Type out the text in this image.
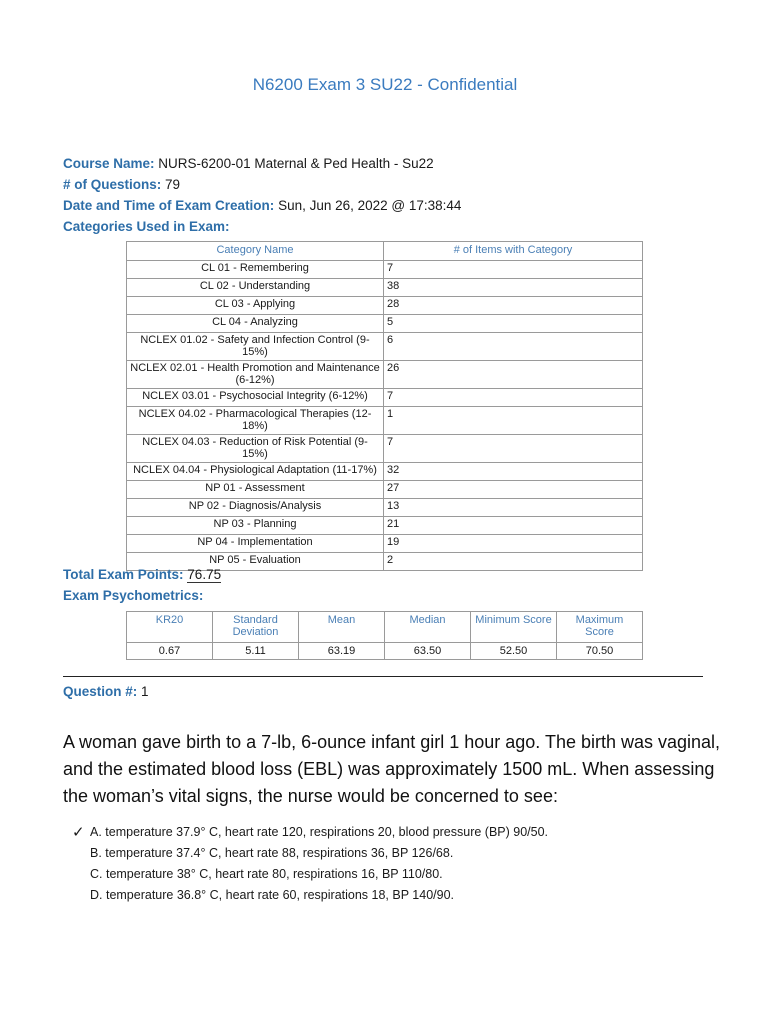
N6200 Exam 3 SU22 - Confidential
Course Name: NURS-6200-01 Maternal & Ped Health - Su22
# of Questions: 79
Date and Time of Exam Creation: Sun, Jun 26, 2022 @ 17:38:44
Categories Used in Exam:
Category Name	# of Items with Category
CL 01 - Remembering	7
CL 02 - Understanding	38
CL 03 - Applying	28
CL 04 - Analyzing	5
NCLEX 01.02 - Safety and Infection Control (9-15%)	6
NCLEX 02.01 - Health Promotion and Maintenance (6-12%)	26
NCLEX 03.01 - Psychosocial Integrity (6-12%)	7
NCLEX 04.02 - Pharmacological Therapies (12-18%)	1
NCLEX 04.03 - Reduction of Risk Potential (9-15%)	7
NCLEX 04.04 - Physiological Adaptation (11-17%)	32
NP 01 - Assessment	27
NP 02 - Diagnosis/Analysis	13
NP 03 - Planning	21
NP 04 - Implementation	19
NP 05 - Evaluation	2
Total Exam Points: 76.75
Exam Psychometrics:
KR20	Standard Deviation	Mean	Median	Minimum Score	Maximum Score
0.67	5.11	63.19	63.50	52.50	70.50
Question #: 1
A woman gave birth to a 7-lb, 6-ounce infant girl 1 hour ago. The birth was vaginal, and the estimated blood loss (EBL) was approximately 1500 mL. When assessing the woman’s vital signs, the nurse would be concerned to see:
✓ A. temperature 37.9° C, heart rate 120, respirations 20, blood pressure (BP) 90/50.
B. temperature 37.4° C, heart rate 88, respirations 36, BP 126/68.
C. temperature 38° C, heart rate 80, respirations 16, BP 110/80.
D. temperature 36.8° C, heart rate 60, respirations 18, BP 140/90.
